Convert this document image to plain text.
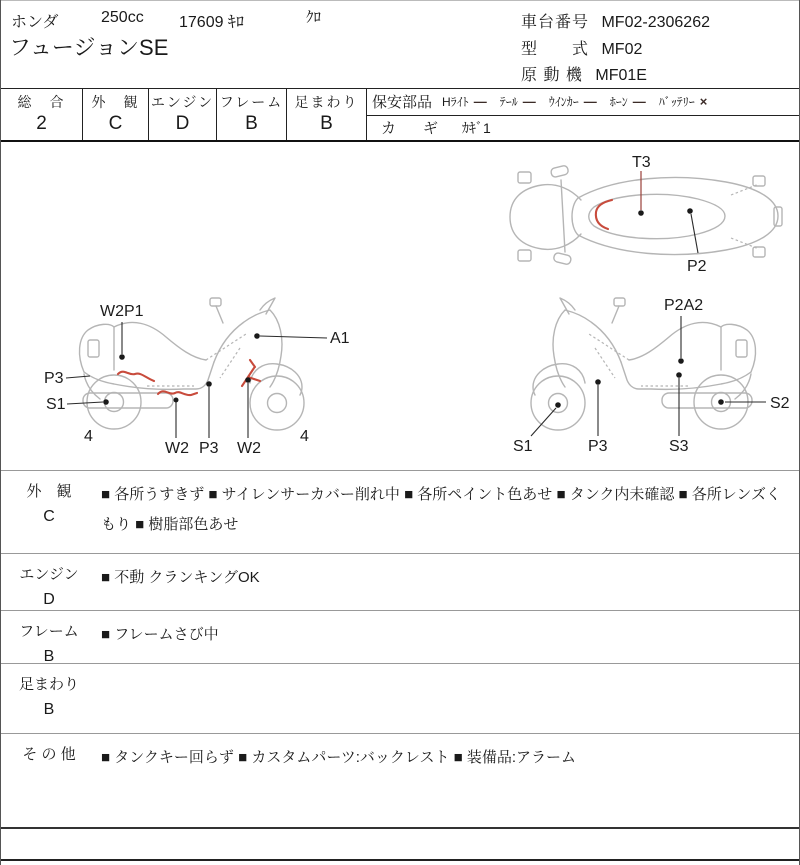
ホンダ	250cc 17609 ｷﾛ	ｸﾛ
フュージョンSE
車台番号 MF02-2306262
型　　式 MF02
原 動 機 MF01E
総　合
2
外　観
C
エンジン
D
フレーム
B
足まわり
B
保安部品 Hﾗｲﾄ — ﾃｰﾙ — ｳｲﾝｶｰ — ﾎｰﾝ — ﾊﾞｯﾃﾘｰ ×
カ　ギ ｶｷﾞ1
T3
P2
W2P1
A1
P3
S1
4
W2 P3 W2
4
P2A2
S2
S1	P3	S3
外　観
C
■ 各所うすきず ■ サイレンサーカバー削れ中 ■ 各所ペイント色あせ ■ タンク内未確認 ■ 各所レンズくもり ■ 樹脂部色あせ
エンジン
D
■ 不動 クランキングOK
フレーム
B
■ フレームさび中
足まわり
B
そ の 他	■ タンクキー回らず ■ カスタムパーツ:バックレスト ■ 装備品:アラーム
